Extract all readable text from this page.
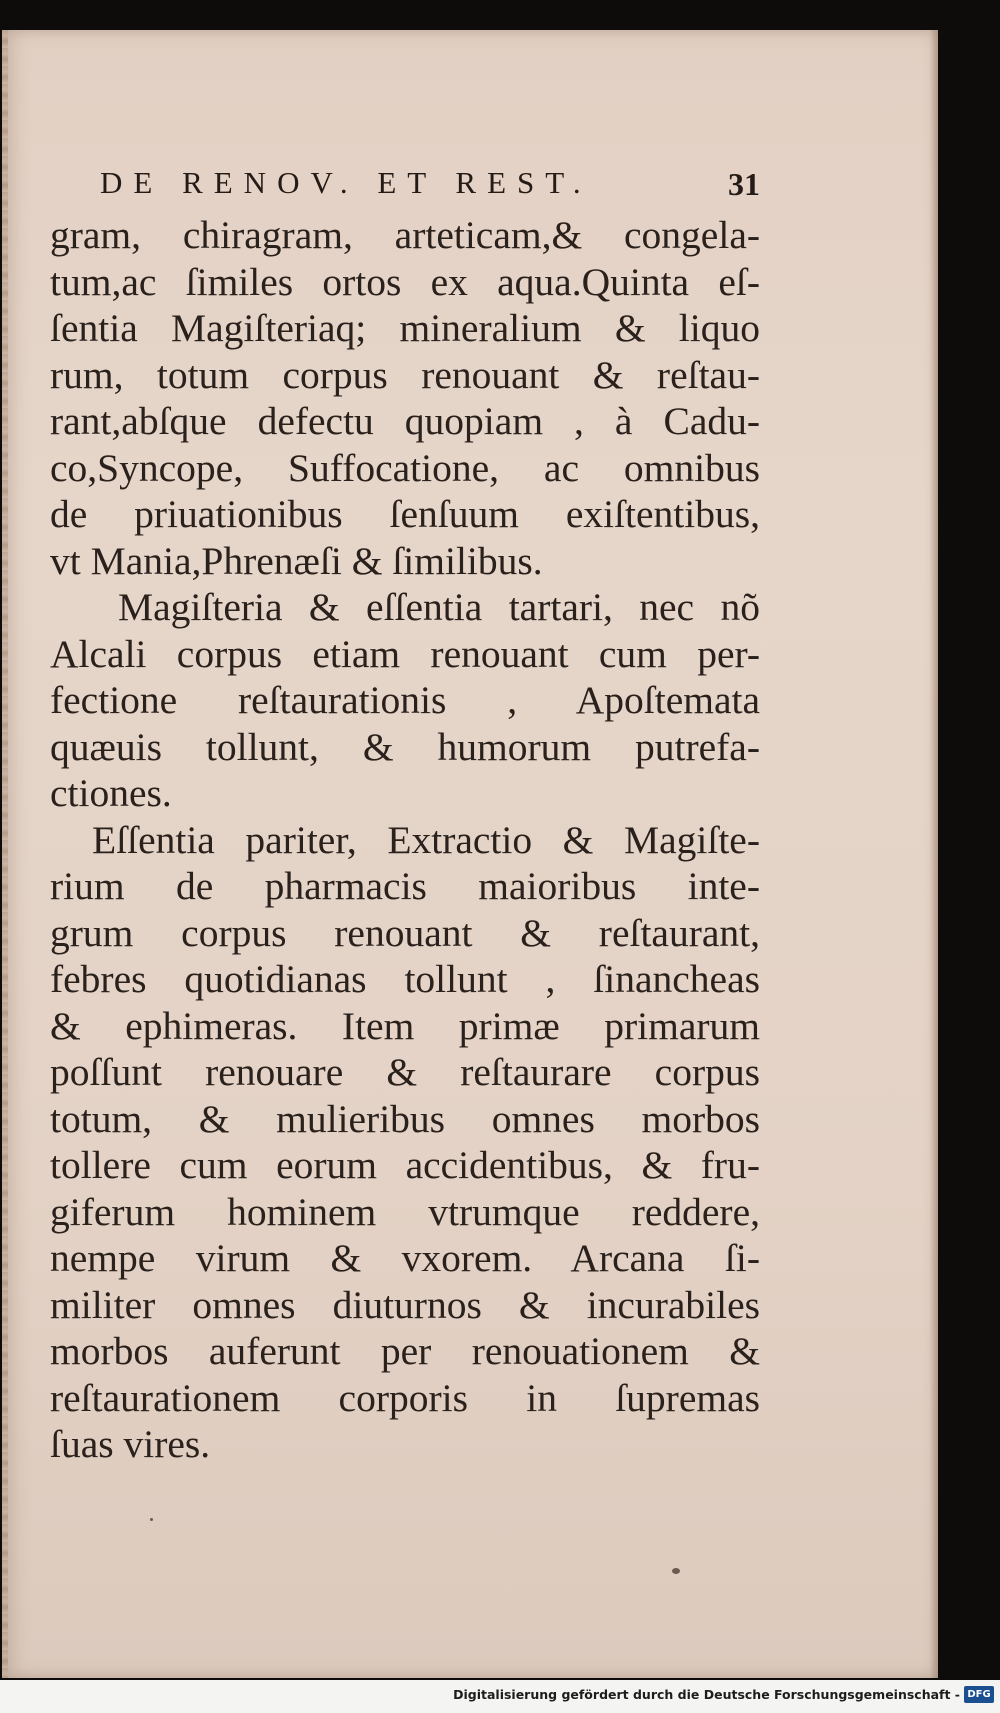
DE RENOV. ET REST.	31
gram, chiragram, arteticam,& congela-
tum,ac ſimiles ortos ex aqua.Quinta eſ-
ſentia Magiſteriaq; mineralium & liquo
rum, totum corpus renouant & reſtau-
rant,abſque defectu quopiam , à Cadu-
co,Syncope, Suffocatione, ac omnibus
de priuationibus ſenſuum exiſtentibus,
vt Mania,Phrenæſi & ſimilibus.
Magiſteria & eſſentia tartari, nec nõ
Alcali corpus etiam renouant cum per-
fectione reſtaurationis , Apoſtemata
quæuis tollunt, & humorum putrefa-
ctiones.
Eſſentia pariter, Extractio & Magiſte-
rium de pharmacis maioribus inte-
grum corpus renouant & reſtaurant,
febres quotidianas tollunt , ſinancheas
& ephimeras. Item primæ primarum
poſſunt renouare & reſtaurare corpus
totum, & mulieribus omnes morbos
tollere cum eorum accidentibus, & fru-
giferum hominem vtrumque reddere,
nempe virum & vxorem. Arcana ſi-
militer omnes diuturnos & incurabiles
morbos auferunt per renouationem &
reſtaurationem corporis in ſupremas
ſuas vires.
Digitalisierung gefördert durch die Deutsche Forschungsgemeinschaft - DFG
